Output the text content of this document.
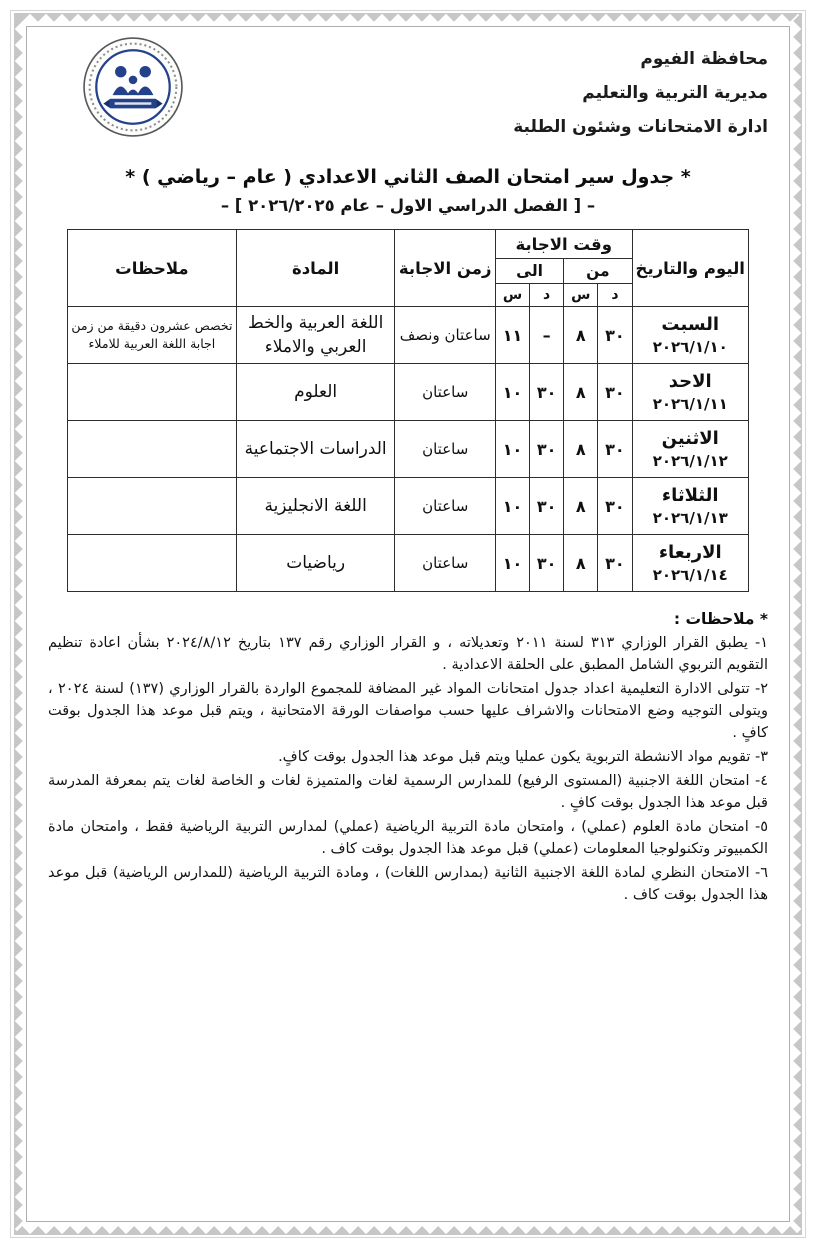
محافظة الفيوم
مديرية التربية والتعليم
ادارة الامتحانات وشئون الطلبة
* جدول سير امتحان الصف الثاني الاعدادي ( عام – رياضي ) *
– [ الفصل الدراسي الاول – عام ٢٠٢٦/٢٠٢٥ ] –
اليوم والتاريخ	وقت الاجابة				زمن الاجابة	المادة	ملاحظات
	من		الى				
	د	س	د	س			

السبت
٢٠٢٦/١/١٠	٣٠	٨	–	١١	ساعتان ونصف	اللغة العربية والخط العربي والاملاء	تخصص عشرون دقيقة من زمن اجابة اللغة العربية للاملاء

الاحد
٢٠٢٦/١/١١	٣٠	٨	٣٠	١٠	ساعتان	العلوم	

الاثنين
٢٠٢٦/١/١٢	٣٠	٨	٣٠	١٠	ساعتان	الدراسات الاجتماعية	

الثلاثاء
٢٠٢٦/١/١٣	٣٠	٨	٣٠	١٠	ساعتان	اللغة الانجليزية	

الاربعاء
٢٠٢٦/١/١٤	٣٠	٨	٣٠	١٠	ساعتان	رياضيات	
* ملاحظات :
١- يطبق القرار الوزاري ٣١٣ لسنة ٢٠١١ وتعديلاته ، و القرار الوزاري رقم ١٣٧ بتاريخ ٢٠٢٤/٨/١٢ بشأن اعادة تنظيم التقويم التربوي الشامل المطبق على الحلقة الاعدادية .
٢- تتولى الادارة التعليمية اعداد جدول امتحانات المواد غير المضافة للمجموع الواردة بالقرار الوزاري (١٣٧) لسنة ٢٠٢٤ ، ويتولى التوجيه وضع الامتحانات والاشراف عليها حسب مواصفات الورقة الامتحانية ، ويتم قبل موعد هذا الجدول بوقت كافٍ .
٣- تقويم مواد الانشطة التربوية يكون عمليا ويتم قبل موعد هذا الجدول بوقت كافٍ.
٤- امتحان اللغة الاجنبية (المستوى الرفيع) للمدارس الرسمية لغات والمتميزة لغات و الخاصة لغات يتم بمعرفة المدرسة قبل موعد هذا الجدول بوقت كافٍ .
٥- امتحان مادة العلوم (عملي) ، وامتحان مادة التربية الرياضية (عملي) لمدارس التربية الرياضية فقط ، وامتحان مادة الكمبيوتر وتكنولوجيا المعلومات (عملي) قبل موعد هذا الجدول بوقت كاف .
٦- الامتحان النظري لمادة اللغة الاجنبية الثانية (بمدارس اللغات) ، ومادة التربية الرياضية (للمدارس الرياضية) قبل موعد هذا الجدول بوقت كاف .
